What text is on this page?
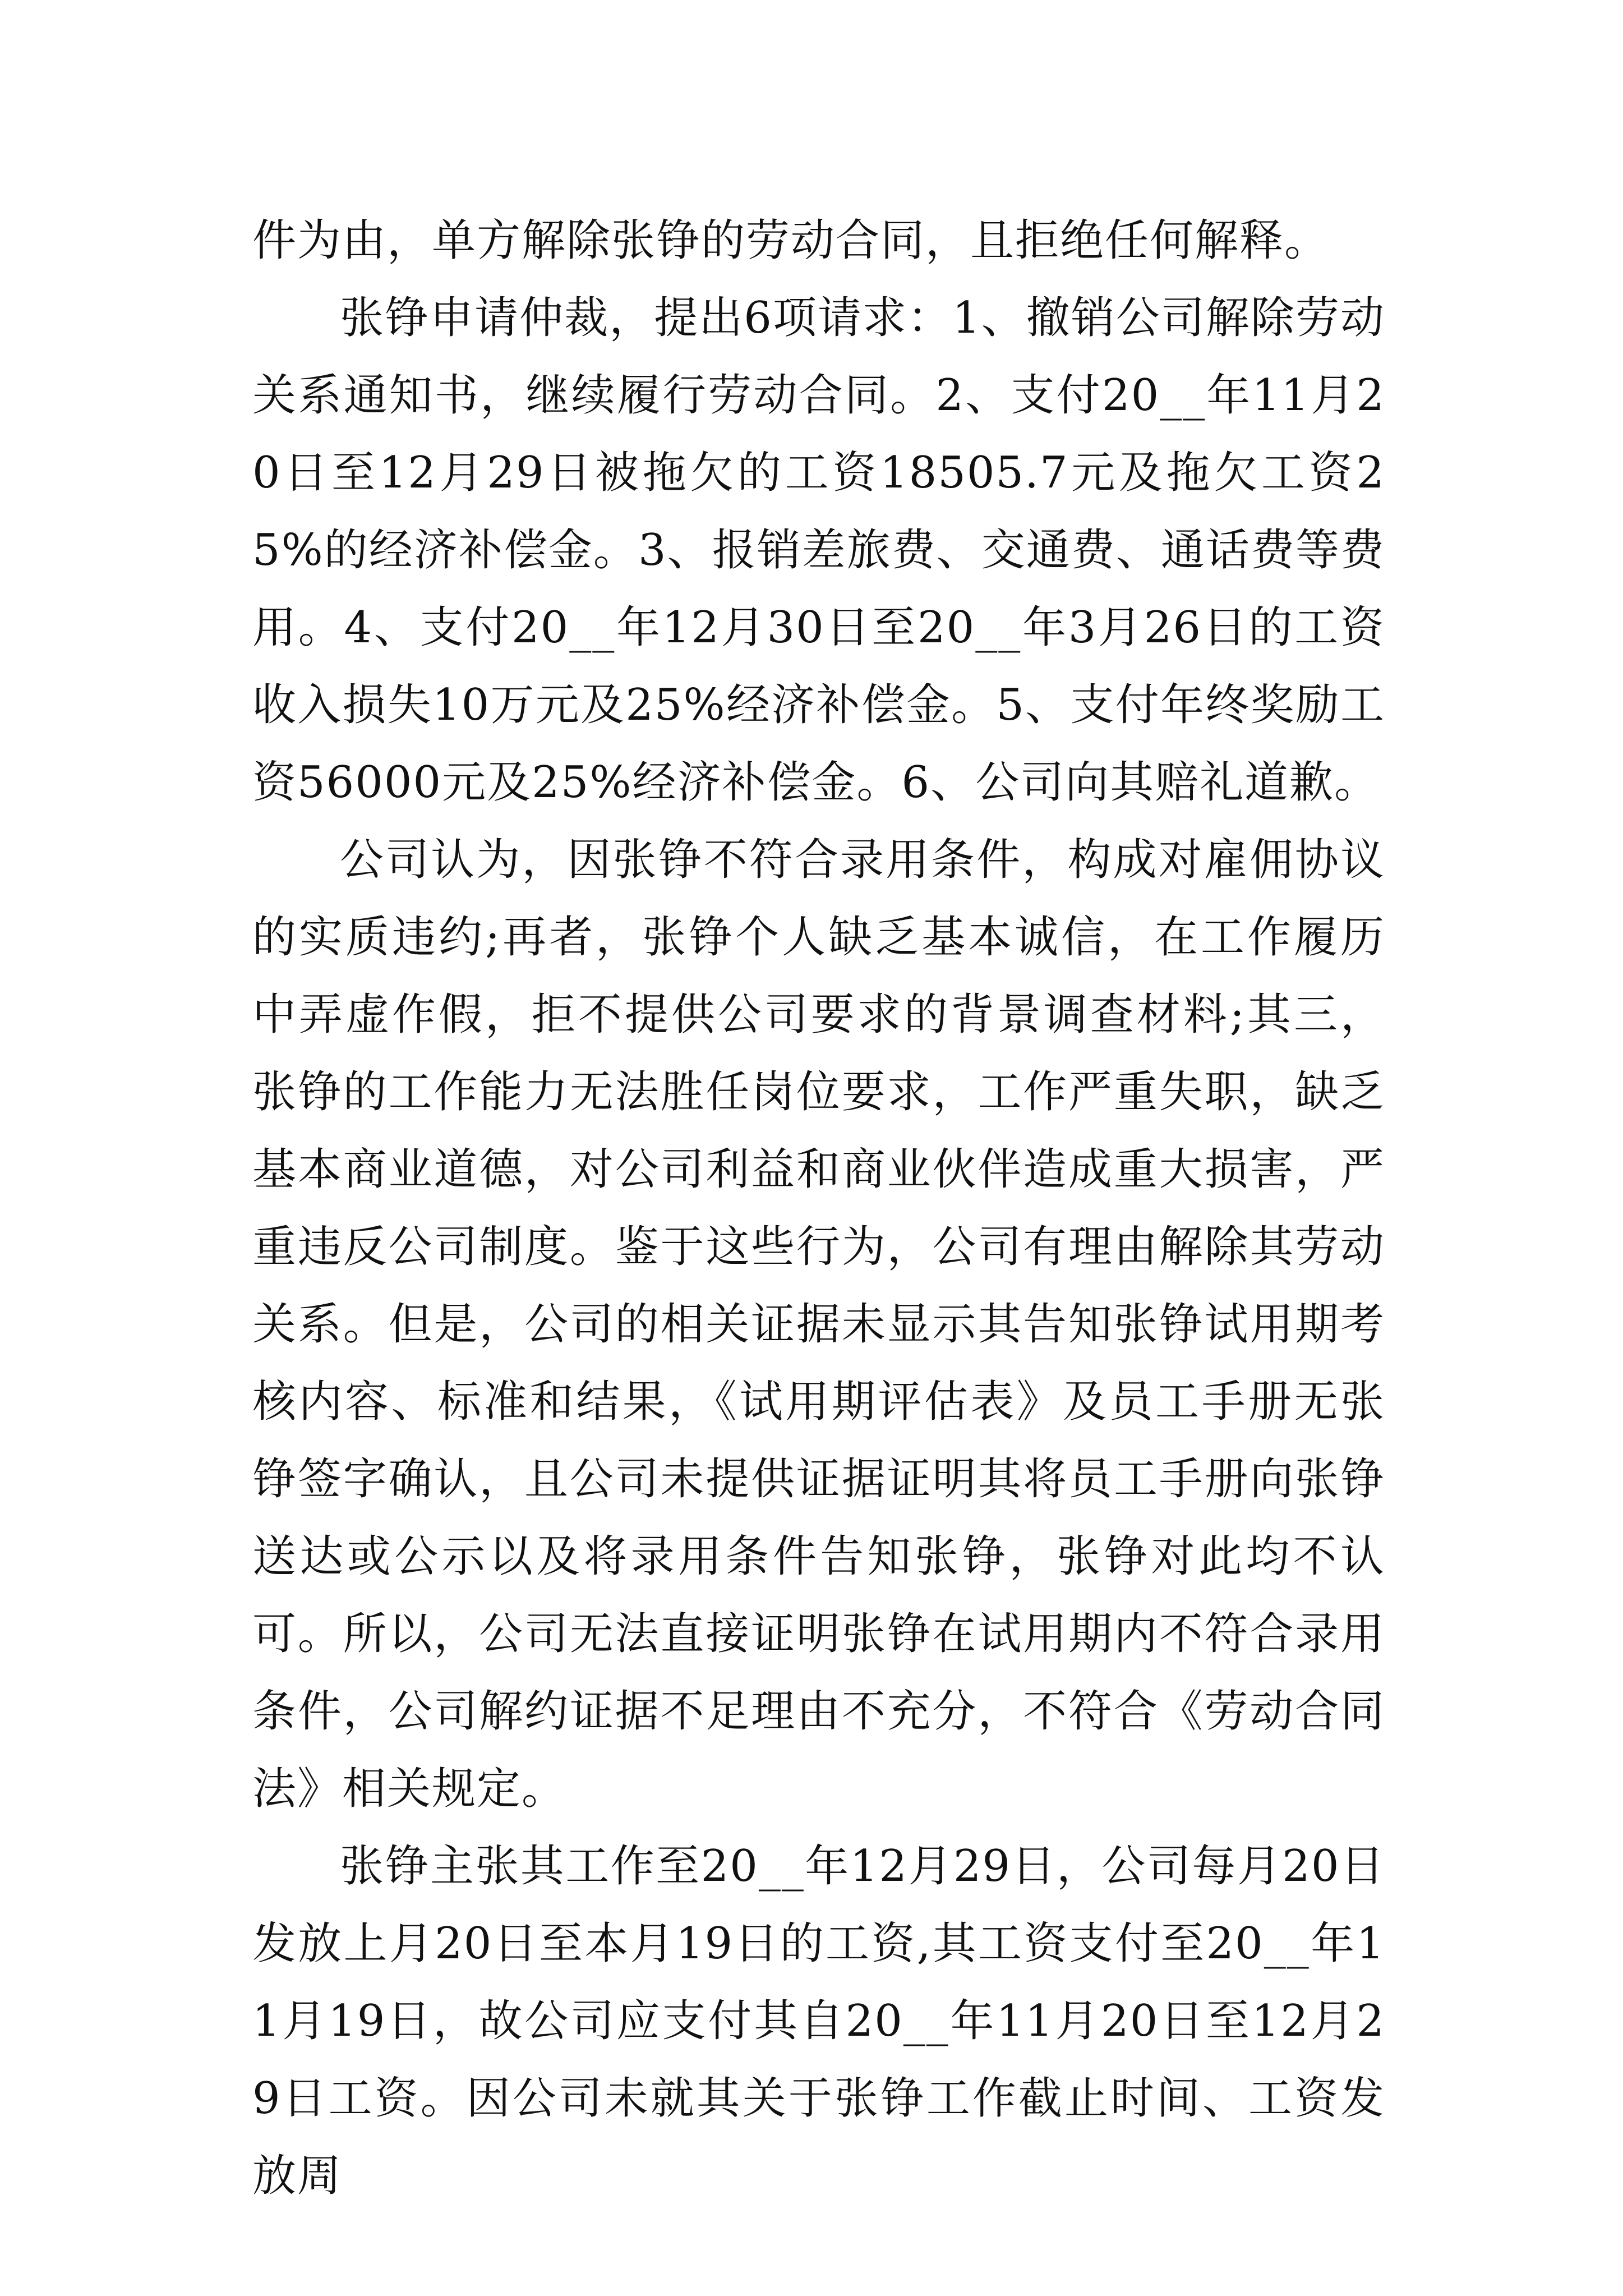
件为由，单方解除张铮的劳动合同，且拒绝任何解释。

张铮申请仲裁，提出6项请求：1、撤销公司解除劳动关系通知书，继续履行劳动合同。2、支付20__年11月20日至12月29日被拖欠的工资18505.7元及拖欠工资25%的经济补偿金。3、报销差旅费、交通费、通话费等费用。4、支付20__年12月30日至20__年3月26日的工资收入损失10万元及25%经济补偿金。5、支付年终奖励工资56000元及25%经济补偿金。6、公司向其赔礼道歉。

公司认为，因张铮不符合录用条件，构成对雇佣协议的实质违约;再者，张铮个人缺乏基本诚信，在工作履历中弄虚作假，拒不提供公司要求的背景调查材料;其三，张铮的工作能力无法胜任岗位要求，工作严重失职，缺乏基本商业道德，对公司利益和商业伙伴造成重大损害，严重违反公司制度。鉴于这些行为，公司有理由解除其劳动关系。但是，公司的相关证据未显示其告知张铮试用期考核内容、标准和结果，《试用期评估表》及员工手册无张铮签字确认，且公司未提供证据证明其将员工手册向张铮送达或公示以及将录用条件告知张铮，张铮对此均不认可。所以，公司无法直接证明张铮在试用期内不符合录用条件，公司解约证据不足理由不充分，不符合《劳动合同法》相关规定。

张铮主张其工作至20__年12月29日，公司每月20日发放上月20日至本月19日的工资,其工资支付至20__年11月19日，故公司应支付其自20__年11月20日至12月29日工资。因公司未就其关于张铮工作截止时间、工资发放周
